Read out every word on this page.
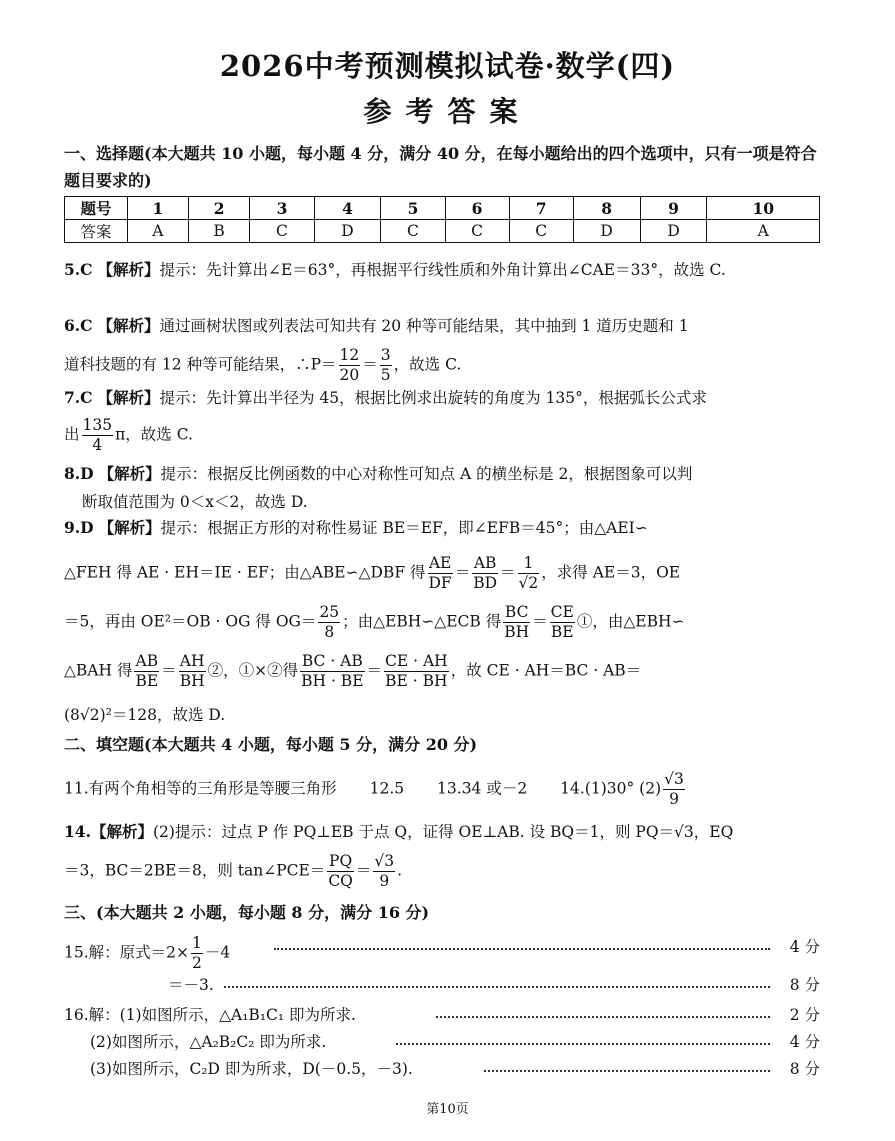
2026中考预测模拟试卷·数学(四)
参考答案
一、选择题(本大题共 10 小题，每小题 4 分，满分 40 分，在每小题给出的四个选项中，只有一项是符合题目要求的)
题号	1	2	3	4	5	6	7	8	9	10
答案	A	B	C	D	C	C	C	D	D	A
5.C 【解析】提示：先计算出∠E＝63°，再根据平行线性质和外角计算出∠CAE＝33°，故选 C.
6.C 【解析】通过画树状图或列表法可知共有 20 种等可能结果，其中抽到 1 道历史题和 1
道科技题的有 12 种等可能结果，∴P＝ $\frac{12}{20} = \frac{3}{5}$ ，故选 C.
7.C 【解析】提示：先计算出半径为 45，根据比例求出旋转的角度为 135°，根据弧长公式求
出 $\frac{135}{4}$ π，故选 C.
8.D 【解析】提示：根据反比例函数的中心对称性可知点 A 的横坐标是 2，根据图象可以判
断取值范围为 0＜x＜2，故选 D.
9.D 【解析】提示：根据正方形的对称性易证 BE＝EF，即∠EFB＝45°；由△AEI∽
△FEH 得 AE · EH＝IE · EF；由△ABE∽△DBF 得 $\frac{AE}{DF} = \frac{AB}{BD} = \frac{1}{√2}$ ，求得 AE＝3，OE
＝5，再由 OE²＝OB · OG 得 $OG= \frac{25}{8}$ ；由△EBH∽△ECB 得 $\frac{BC}{BH} = \frac{CE}{BE}$ ①，由△EBH∽
△BAH 得 $\frac{AB}{BE} = \frac{AH}{BH}$ ②，①×②得 $\frac{BC \cdot AB}{BH \cdot BE} = \frac{CE \cdot AH}{BE \cdot BH}$ ，故 CE · AH＝BC · AB＝
(8√2)²＝128，故选 D.
二、填空题(本大题共 4 小题，每小题 5 分，满分 20 分)
11.有两个角相等的三角形是等腰三角形 12.5 13.34 或－2 14.(1)30° $(2) \frac{√3}{9}$
14.【解析】(2)提示：过点 P 作 PQ⊥EB 于点 Q，证得 OE⊥AB. 设 BQ＝1，则 PQ＝√3，EQ
＝3，BC＝2BE＝8，则 tan∠PCE＝ $\frac{PQ}{CQ} = \frac{√3}{9}$ .
三、(本大题共 2 小题，每小题 8 分，满分 16 分)
15.解：原式$=2\times \frac{1}{2} -4$	4 分
＝－3.	8 分
16.解：(1)如图所示，△A₁B₁C₁ 即为所求.	2 分
(2)如图所示，△A₂B₂C₂ 即为所求.	4 分
(3)如图所示，C₂D 即为所求，D(－0.5，－3).	8 分
第10页
